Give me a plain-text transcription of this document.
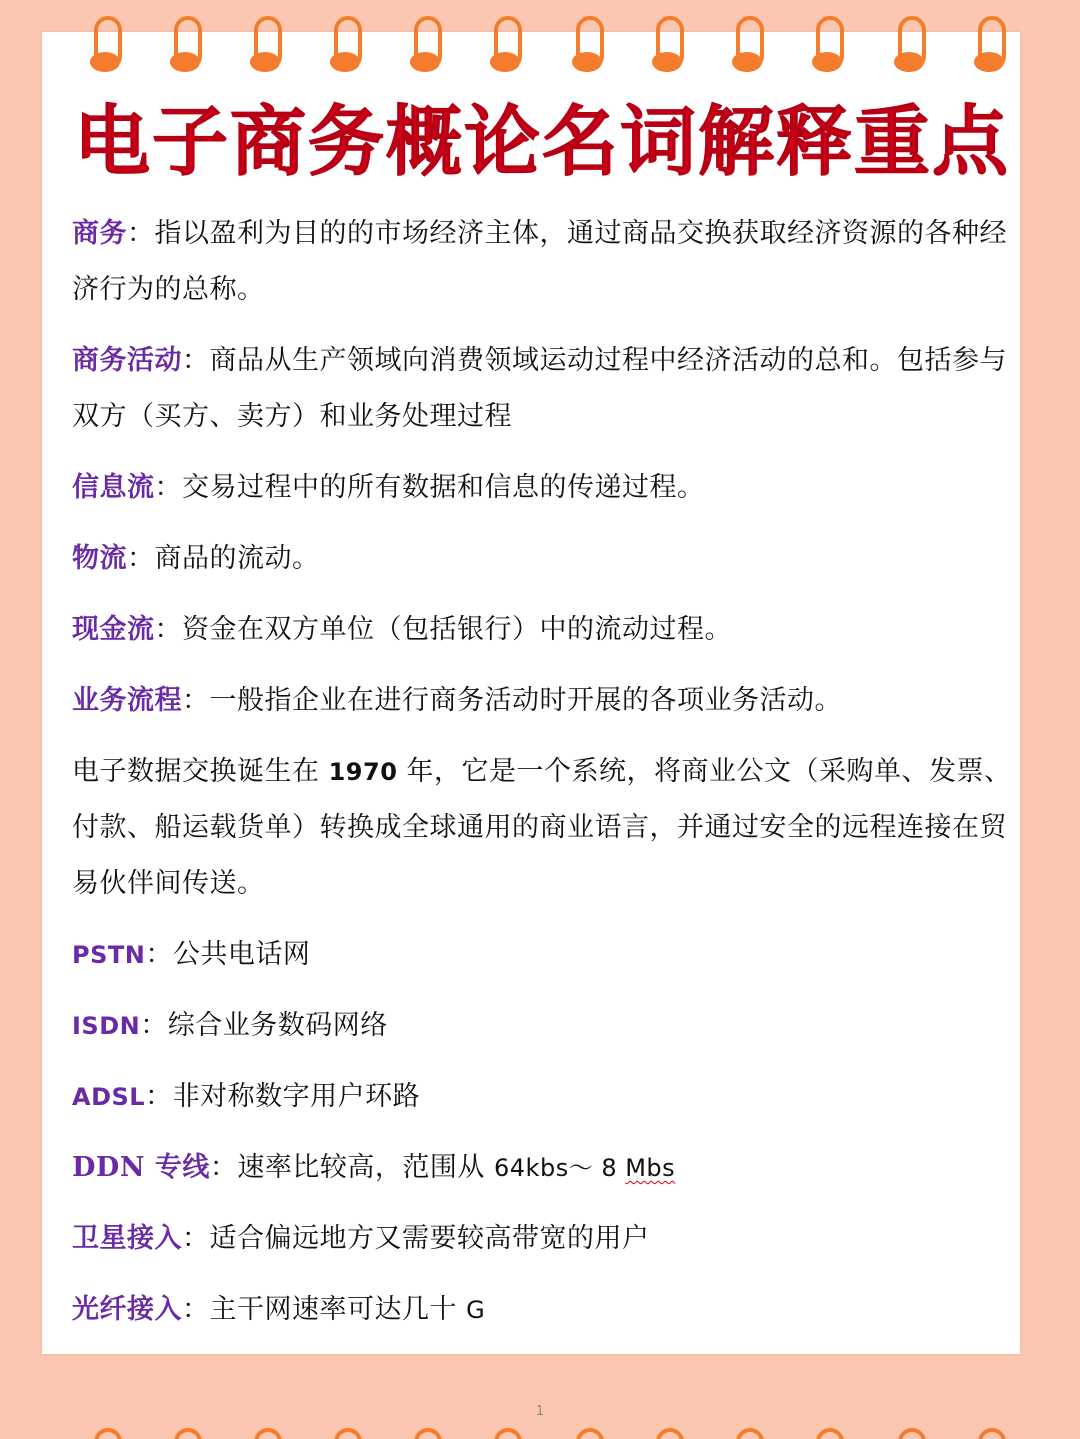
电子商务概论名词解释重点
商务：指以盈利为目的的市场经济主体，通过商品交换获取经济资源的各种经济行为的总称。
商务活动：商品从生产领域向消费领域运动过程中经济活动的总和。包括参与双方（买方、卖方）和业务处理过程
信息流：交易过程中的所有数据和信息的传递过程。
物流：商品的流动。
现金流：资金在双方单位（包括银行）中的流动过程。
业务流程：一般指企业在进行商务活动时开展的各项业务活动。
电子数据交换诞生在 1970 年，它是一个系统，将商业公文（采购单、发票、付款、船运载货单）转换成全球通用的商业语言，并通过安全的远程连接在贸易伙伴间传送。
PSTN：公共电话网
ISDN：综合业务数码网络
ADSL：非对称数字用户环路
DDN 专线：速率比较高，范围从 64kbs～ 8 Mbs
卫星接入：适合偏远地方又需要较高带宽的用户
光纤接入：主干网速率可达几十 G
1
